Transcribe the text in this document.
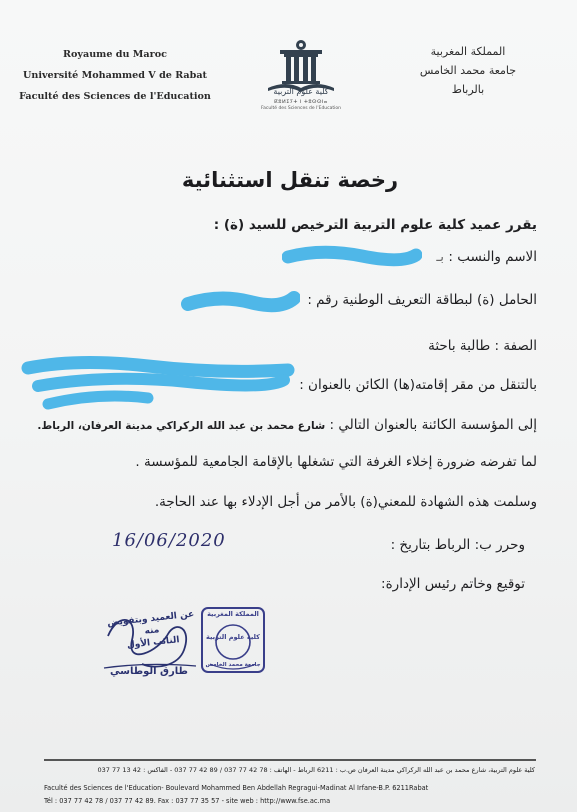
Royaume du Maroc
Université Mohammed V de Rabat
Faculté des Sciences de l'Education	كلية علوم التربية
ⴽⵓⵍⵉⵢⵜ ⵏ ⵜⵓⵙⵙⵏⴰ
Faculté des Sciences de l'Education
المملكة المغربية
جامعة محمد الخامس
بالرباط
رخصة تنقل استثنائية
يقرر عميد كلية علوم التربية الترخيص للسيد (ة) :
الاسم والنسب : بـ
الحامل (ة) لبطاقة التعريف الوطنية رقم :
الصفة : طالبة باحثة
بالتنقل من مقر إقامته(ها) الكائن بالعنوان :
إلى المؤسسة الكائنة بالعنوان التالي : شارع محمد بن عبد الله الركراكي مدينة العرفان، الرباط.
لما تفرضه ضرورة إخلاء الغرفة التي تشغلها بالإقامة الجامعية للمؤسسة .
وسلمت هذه الشهادة للمعني(ة) بالأمر من أجل الإدلاء بها عند الحاجة.
وحرر ب: الرباط بتاريخ :
16/06/2020
توقيع وخاتم رئيس الإدارة:
عن العميد وبتفويض منه
النائب الأول
طارق الوطاسي
المملكة المغربية
كلية علوم التربية
جامعة محمد الخامس
كلية علوم التربية، شارع محمد بن عبد الله الركراكي مدينة العرفان ص.ب : 6211 الرباط - الهاتف : 78 42 77 037 / 89 42 77 037 - الفاكس : 42 13 77 037
Faculté des Sciences de l'Education- Boulevard Mohammed Ben Abdellah Regragui-Madinat Al Irfane-B.P. 6211Rabat
Tél : 037 77 42 78 / 037 77 42 89. Fax : 037 77 35 57 - site web : http://www.fse.ac.ma
